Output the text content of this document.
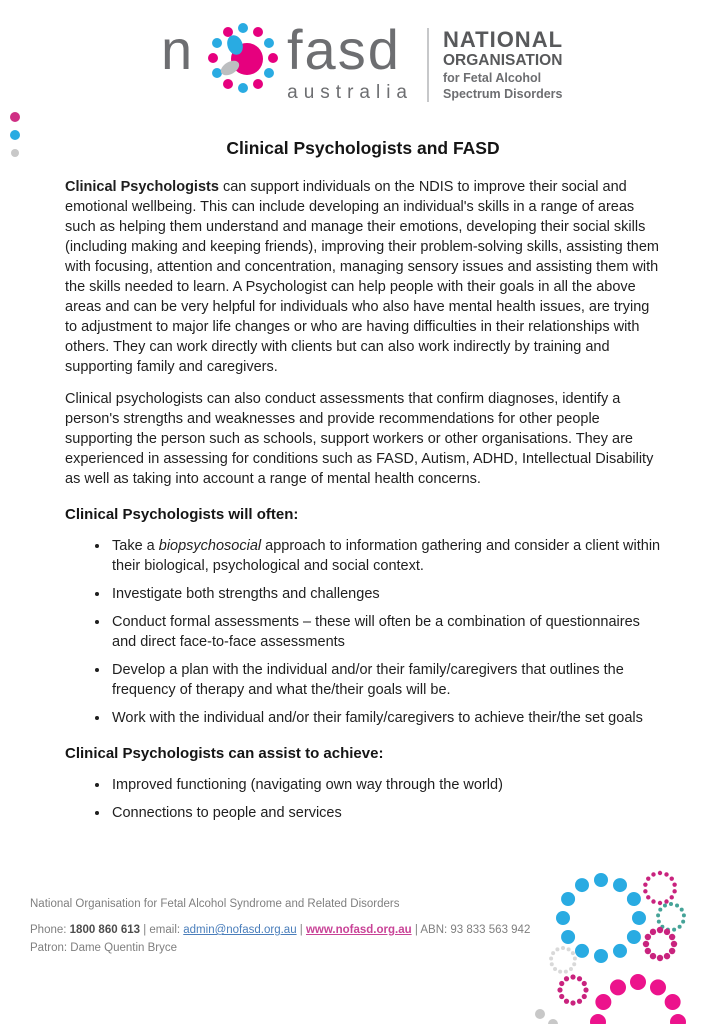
n fasd
australia
NATIONAL
ORGANISATION
for Fetal Alcohol
Spectrum Disorders
Clinical Psychologists and FASD

Clinical Psychologists can support individuals on the NDIS to improve their social and emotional wellbeing. This can include developing an individual's skills in a range of areas such as helping them understand and manage their emotions, developing their social skills (including making and keeping friends), improving their problem-solving skills, assisting them with focusing, attention and concentration, managing sensory issues and assisting them with the skills needed to learn. A Psychologist can help people with their goals in all the above areas and can be very helpful for individuals who also have mental health issues, are trying to adjustment to major life changes or who are having difficulties in their relationships with others. They can work directly with clients but can also work indirectly by training and supporting family and caregivers.

Clinical psychologists can also conduct assessments that confirm diagnoses, identify a person's strengths and weaknesses and provide recommendations for other people supporting the person such as schools, support workers or other organisations. They are experienced in assessing for conditions such as FASD, Autism, ADHD, Intellectual Disability as well as taking into account a range of mental health concerns.

Clinical Psychologists will often:
• Take a biopsychosocial approach to information gathering and consider a client within their biological, psychological and social context.
• Investigate both strengths and challenges
• Conduct formal assessments – these will often be a combination of questionnaires and direct face-to-face assessments
• Develop a plan with the individual and/or their family/caregivers that outlines the frequency of therapy and what the/their goals will be.
• Work with the individual and/or their family/caregivers to achieve their/the set goals
Clinical Psychologists can assist to achieve:
• Improved functioning (navigating own way through the world)
• Connections to people and services
National Organisation for Fetal Alcohol Syndrome and Related Disorders
Phone: 1800 860 613 | email: admin@nofasd.org.au | www.nofasd.org.au | ABN: 93 833 563 942
Patron: Dame Quentin Bryce
